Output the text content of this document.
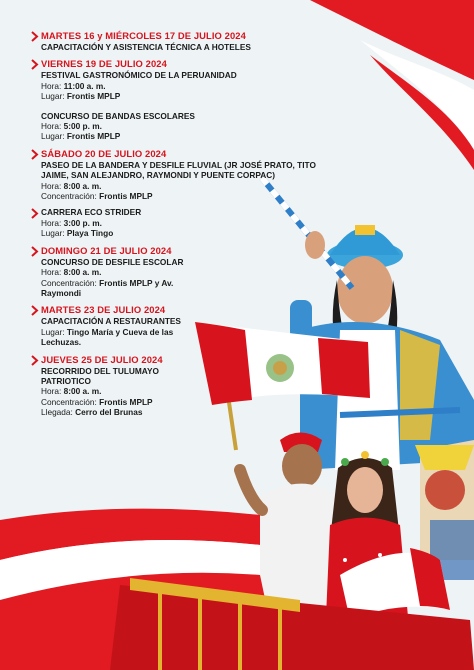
MARTES 16 y MIÉRCOLES 17 DE JULIO 2024
CAPACITACIÓN Y ASISTENCIA TÉCNICA A HOTELES
VIERNES 19 DE JULIO 2024
FESTIVAL GASTRONÓMICO DE LA PERUANIDAD
Hora: 11:00 a. m.
Lugar: Frontis MPLP
CONCURSO DE BANDAS ESCOLARES
Hora: 5:00 p. m.
Lugar: Frontis MPLP
SÁBADO 20 DE JULIO 2024
PASEO DE LA BANDERA Y DESFILE FLUVIAL (JR JOSÉ PRATO, TITO JAIME, SAN ALEJANDRO, RAYMONDI Y PUENTE CORPAC)
Hora: 8:00 a. m.
Concentración: Frontis MPLP
CARRERA ECO STRIDER
Hora: 3:00 p. m.
Lugar: Playa Tingo
DOMINGO 21 DE JULIO 2024
CONCURSO DE DESFILE ESCOLAR
Hora: 8:00 a. m.
Concentración: Frontis MPLP y Av. Raymondi
MARTES 23 DE JULIO 2024
CAPACITACIÓN A RESTAURANTES
Lugar: Tingo María y Cueva de las Lechuzas.
JUEVES 25 DE JULIO 2024
RECORRIDO DEL TULUMAYO PATRIOTICO
Hora: 8:00 a. m.
Concentración: Frontis MPLP
Llegada: Cerro del Brunas
